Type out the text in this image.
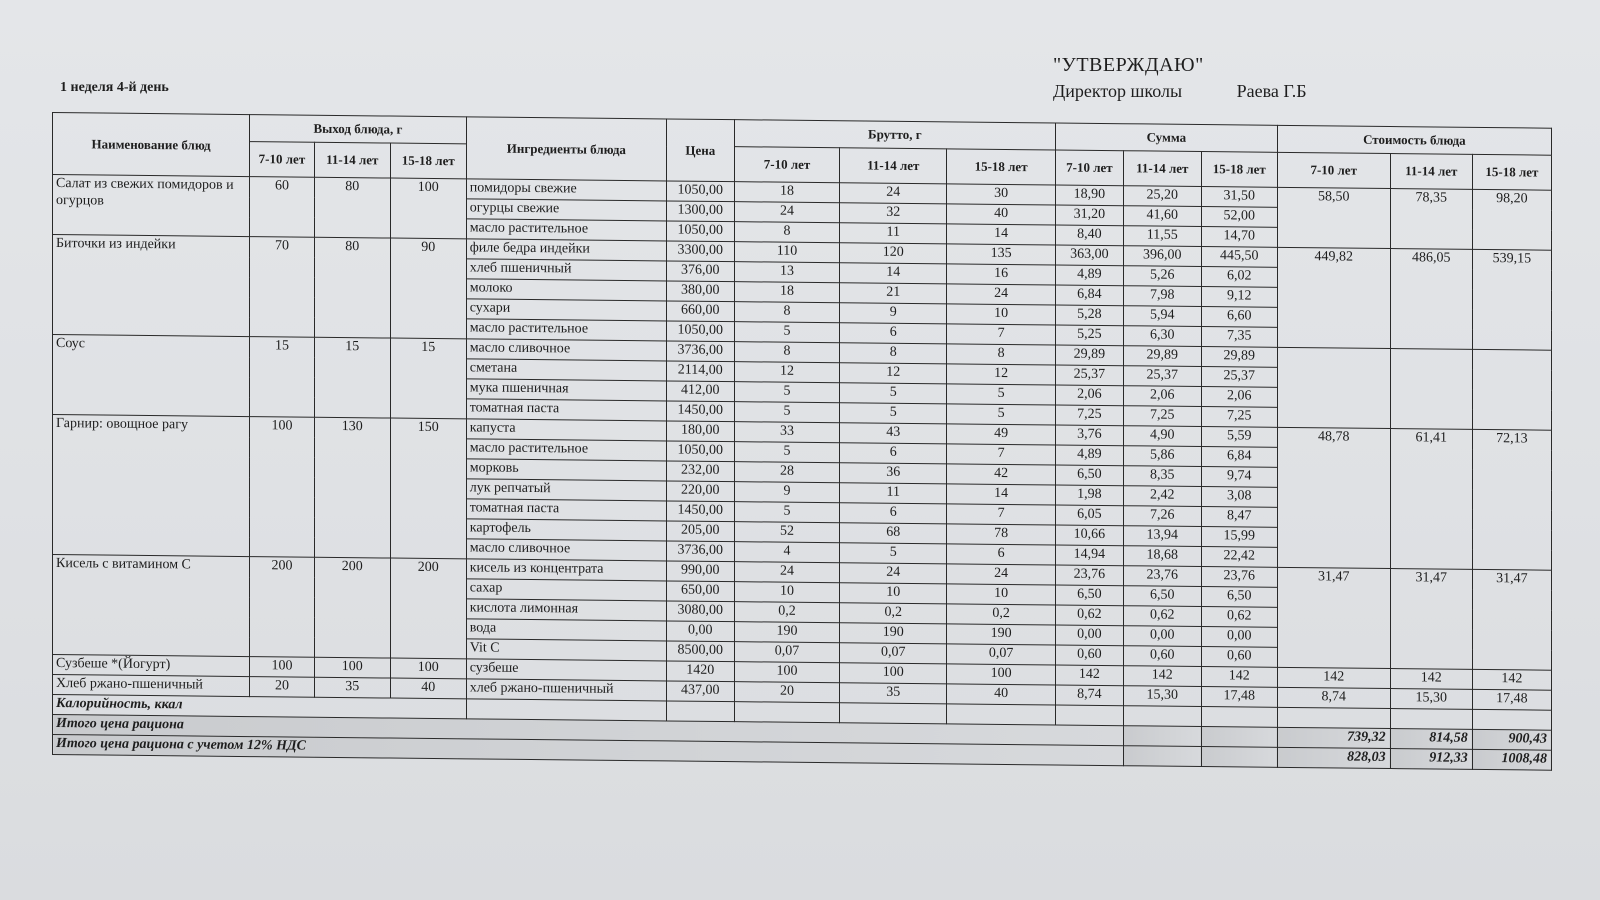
1 неделя 4-й день
"УТВЕРЖДАЮ"
Директор школы	Раева Г.Б
Наименование блюд	Выход блюда, г			Ингредиенты блюда	Цена	Брутто, г			Сумма			Стоимость блюда		
	7-10 лет	11-14 лет	15-18 лет			7-10 лет	11-14 лет	15-18 лет	7-10 лет	11-14 лет	15-18 лет	7-10 лет	11-14 лет	15-18 лет
Салат из свежих помидоров и огурцов	60	80	100	помидоры свежие	1050,00	18	24	30	18,90	25,20	31,50	58,50	78,35	98,20
				огурцы свежие	1300,00	24	32	40	31,20	41,60	52,00			
				масло растительное	1050,00	8	11	14	8,40	11,55	14,70			
Биточки из индейки	70	80	90	филе бедра индейки	3300,00	110	120	135	363,00	396,00	445,50	449,82	486,05	539,15
				хлеб пшеничный	376,00	13	14	16	4,89	5,26	6,02			
				молоко	380,00	18	21	24	6,84	7,98	9,12			
				сухари	660,00	8	9	10	5,28	5,94	6,60			
				масло растительное	1050,00	5	6	7	5,25	6,30	7,35			
Соус	15	15	15	масло сливочное	3736,00	8	8	8	29,89	29,89	29,89			
				сметана	2114,00	12	12	12	25,37	25,37	25,37			
				мука пшеничная	412,00	5	5	5	2,06	2,06	2,06			
				томатная паста	1450,00	5	5	5	7,25	7,25	7,25			
Гарнир: овощное рагу	100	130	150	капуста	180,00	33	43	49	3,76	4,90	5,59	48,78	61,41	72,13
				масло растительное	1050,00	5	6	7	4,89	5,86	6,84			
				морковь	232,00	28	36	42	6,50	8,35	9,74			
				лук репчатый	220,00	9	11	14	1,98	2,42	3,08			
				томатная паста	1450,00	5	6	7	6,05	7,26	8,47			
				картофель	205,00	52	68	78	10,66	13,94	15,99			
				масло сливочное	3736,00	4	5	6	14,94	18,68	22,42			
Кисель с витамином С	200	200	200	кисель из концентрата	990,00	24	24	24	23,76	23,76	23,76	31,47	31,47	31,47
				сахар	650,00	10	10	10	6,50	6,50	6,50			
				кислота лимонная	3080,00	0,2	0,2	0,2	0,62	0,62	0,62			
				вода	0,00	190	190	190	0,00	0,00	0,00			
				Vit C	8500,00	0,07	0,07	0,07	0,60	0,60	0,60			
Сузбеше *(Йогурт)	100	100	100	сузбеше	1420	100	100	100	142	142	142	142	142	142
Хлеб ржано-пшеничный	20	35	40	хлеб ржано-пшеничный	437,00	20	35	40	8,74	15,30	17,48	8,74	15,30	17,48
Калорийность, ккал														
Итого цена рациона												739,32	814,58	900,43
Итого цена рациона с учетом 12% НДС												828,03	912,33	1008,48
